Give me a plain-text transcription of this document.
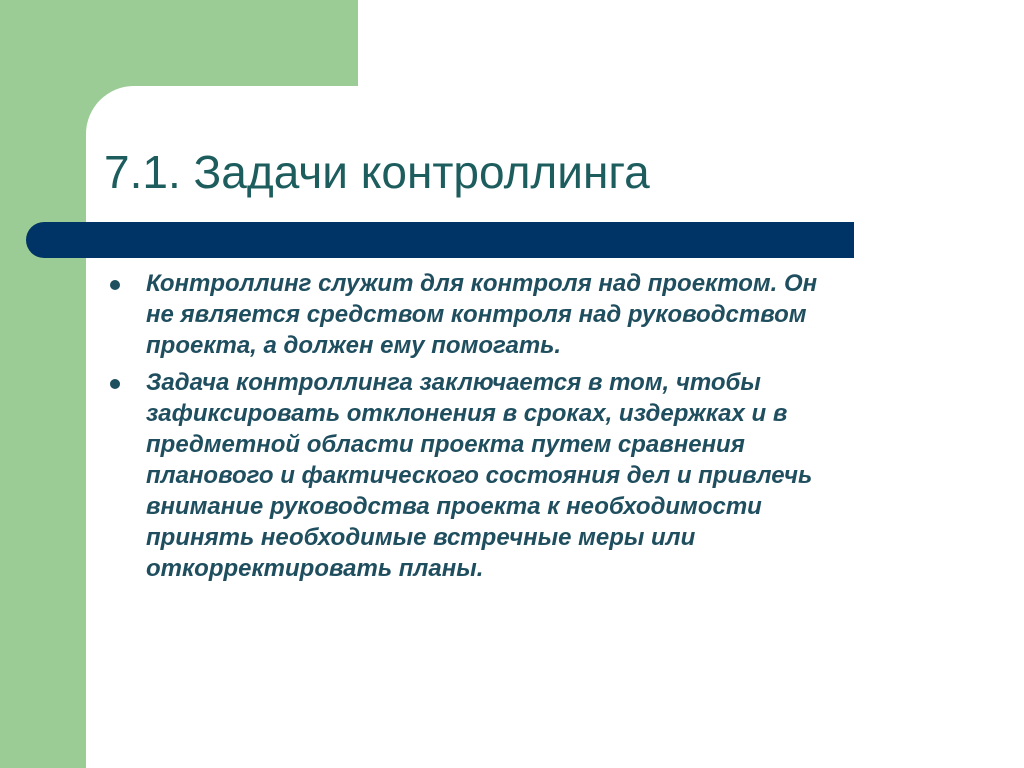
7.1. Задачи контроллинга
Контроллинг служит для контроля над проектом. Он
не является средством контроля над руководством
проекта, а должен ему помогать.
Задача контроллинга заключается в том, чтобы
зафиксировать отклонения в сроках, издержках и в
предметной области проекта путем сравнения
планового и фактического состояния дел и привлечь
внимание руководства проекта к необходимости
принять необходимые встречные меры или
откорректировать планы.
